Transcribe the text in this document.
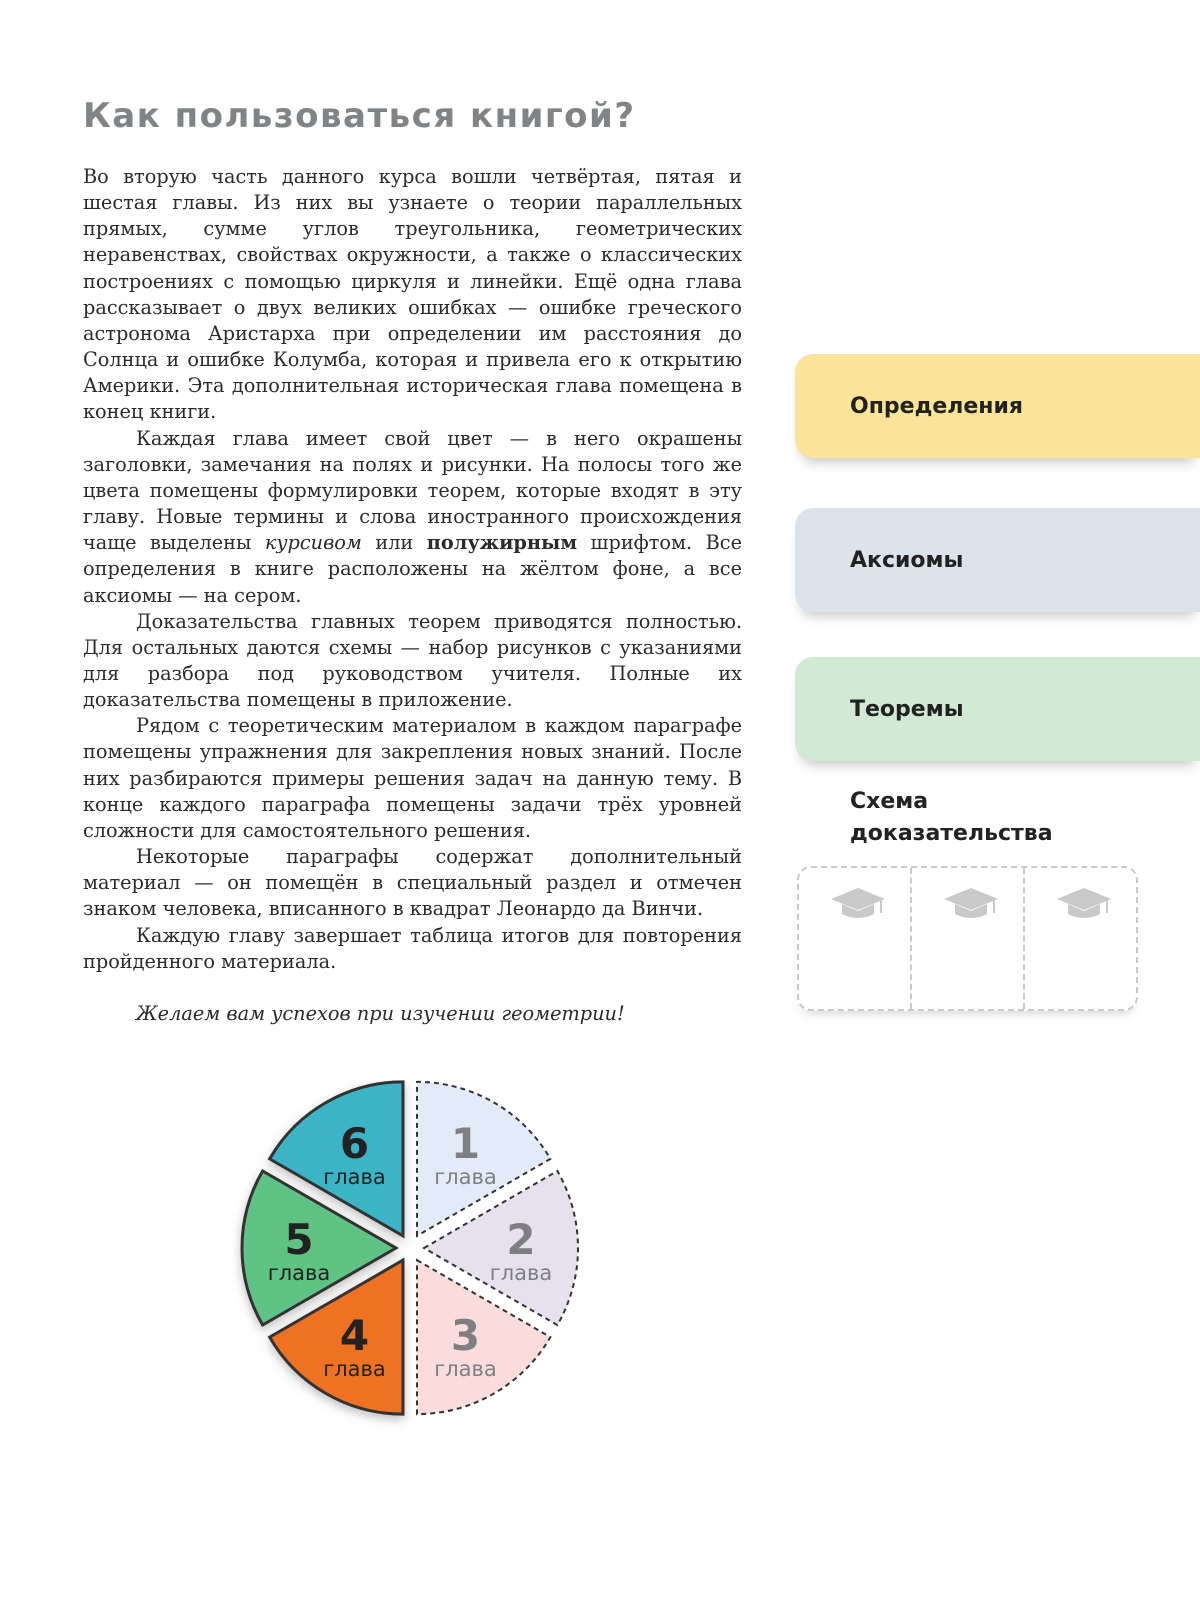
Как пользоваться книгой?

Во вторую часть данного курса вошли четвёртая, пятая и шестая главы. Из них вы узнаете о теории параллельных прямых, сумме углов треугольника, геометрических неравенствах, свойствах окружности, а также о классических построениях с помощью циркуля и линейки. Ещё одна глава рассказывает о двух великих ошибках — ошибке греческого астронома Аристарха при определении им расстояния до Солнца и ошибке Колумба, которая и привела его к открытию Америки. Эта дополнительная историческая глава помещена в конец книги.

Каждая глава имеет свой цвет — в него окрашены заголовки, замечания на полях и рисунки. На полосы того же цвета помещены формулировки теорем, которые входят в эту главу. Новые термины и слова иностранного происхождения чаще выделены курсивом или полужирным шрифтом. Все определения в книге расположены на жёлтом фоне, а все аксиомы — на сером.

Доказательства главных теорем приводятся полностью. Для остальных даются схемы — набор рисунков с указаниями для разбора под руководством учителя. Полные их доказательства помещены в приложение.

Рядом с теоретическим материалом в каждом параграфе помещены упражнения для закрепления новых знаний. После них разбираются примеры решения задач на данную тему. В конце каждого параграфа помещены задачи трёх уровней сложности для самостоятельного решения.

Некоторые параграфы содержат дополнительный материал — он помещён в специальный раздел и отмечен знаком человека, вписанного в квадрат Леонардо да Винчи.

Каждую главу завершает таблица итогов для повторения пройденного материала.

Желаем вам успехов при изучении геометрии!

Определения
Аксиомы
Теоремы
Схема
доказательства
1
глава
2
глава
3
глава
4
глава
5
глава
6
глава
